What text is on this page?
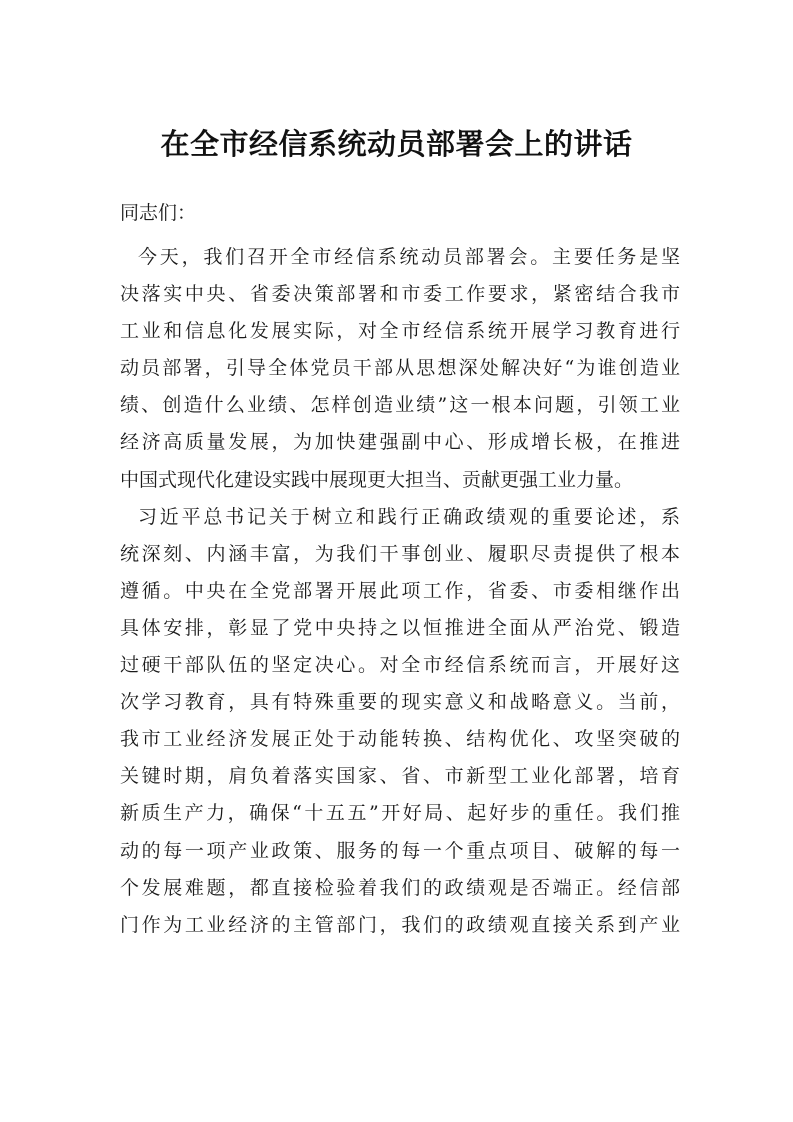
在全市经信系统动员部署会上的讲话

同志们：

今天，我们召开全市经信系统动员部署会。主要任务是坚
决落实中央、省委决策部署和市委工作要求，紧密结合我市
工业和信息化发展实际，对全市经信系统开展学习教育进行
动员部署，引导全体党员干部从思想深处解决好“为谁创造业
绩、创造什么业绩、怎样创造业绩”这一根本问题，引领工业
经济高质量发展，为加快建强副中心、形成增长极，在推进
中国式现代化建设实践中展现更大担当、贡献更强工业力量。
习近平总书记关于树立和践行正确政绩观的重要论述，系
统深刻、内涵丰富，为我们干事创业、履职尽责提供了根本
遵循。中央在全党部署开展此项工作，省委、市委相继作出
具体安排，彰显了党中央持之以恒推进全面从严治党、锻造
过硬干部队伍的坚定决心。对全市经信系统而言，开展好这
次学习教育，具有特殊重要的现实意义和战略意义。当前，
我市工业经济发展正处于动能转换、结构优化、攻坚突破的
关键时期，肩负着落实国家、省、市新型工业化部署，培育
新质生产力，确保“十五五”开好局、起好步的重任。我们推
动的每一项产业政策、服务的每一个重点项目、破解的每一
个发展难题，都直接检验着我们的政绩观是否端正。经信部
门作为工业经济的主管部门，我们的政绩观直接关系到产业
